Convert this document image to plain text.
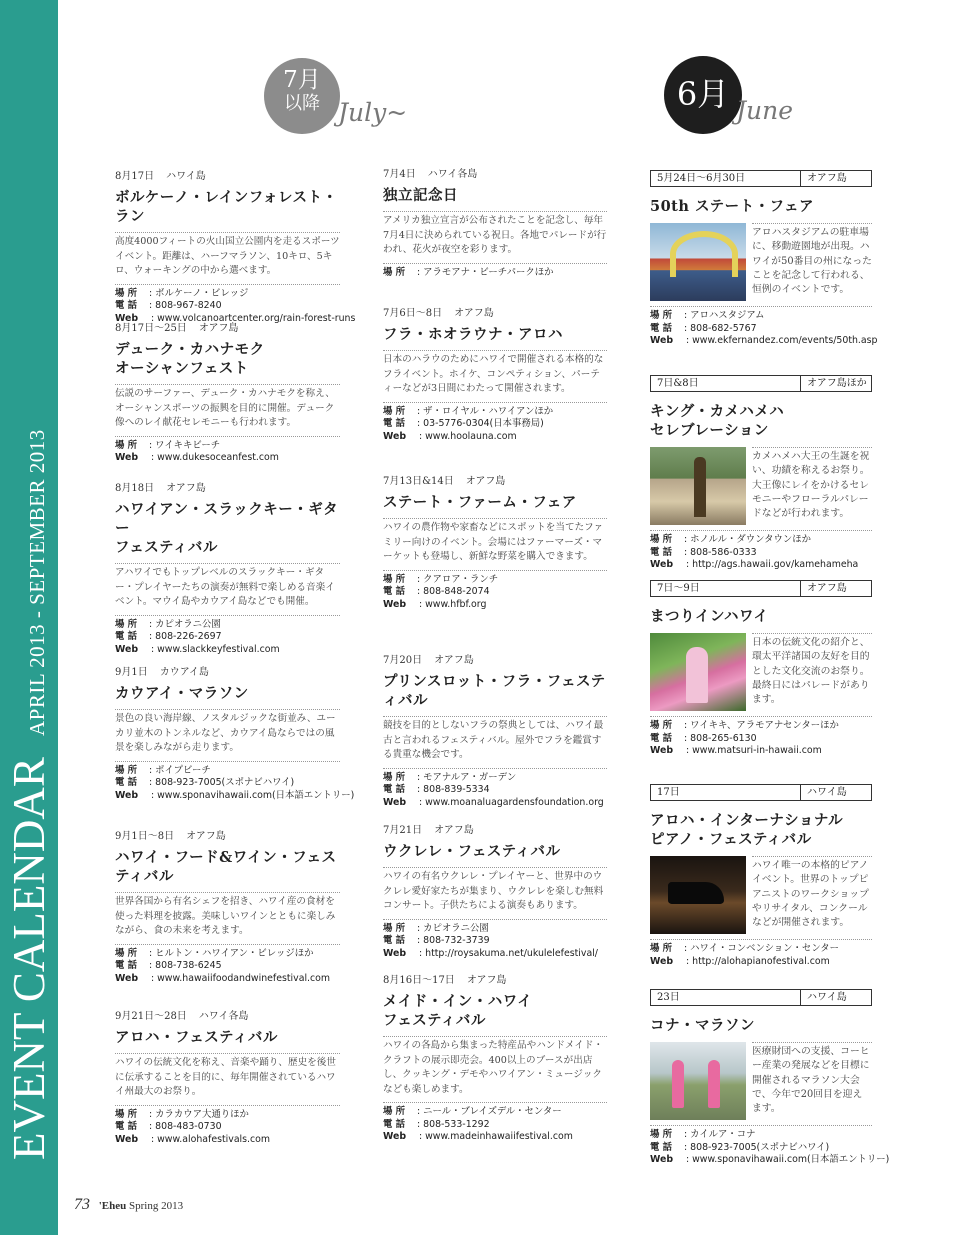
EVENT CALENDAR APRIL 2013 - SEPTEMBER 2013
7月
以降 July~	6月 June
8月17日 ハワイ島
ボルケーノ・レインフォレスト・ラン
高度4000フィートの火山国立公園内を走るスポーツイベント。距離は、ハーフマラソン、10キロ、5キロ、ウォーキングの中から選べます。
場 所 : ボルケーノ・ビレッジ
電 話 : 808-967-8240
Web : www.volcanoartcenter.org/rain-forest-runs
8月17日～25日 オアフ島
デューク・カハナモク
オーシャンフェスト
伝説のサーファー、デューク・カハナモクを称え、オーシャンスポーツの振興を目的に開催。デューク像へのレイ献花セレモニーも行われます。
場 所 : ワイキキビーチ
Web : www.dukesoceanfest.com
8月18日 オアフ島
ハワイアン・スラックキー・ギター
フェスティバル
アハワイでもトップレベルのスラックキー・ギター・プレイヤーたちの演奏が無料で楽しめる音楽イベント。マウイ島やカウアイ島などでも開催。
場 所 : カピオラニ公園
電 話 : 808-226-2697
Web : www.slackkeyfestival.com
9月1日 カウアイ島
カウアイ・マラソン
景色の良い海岸線、ノスタルジックな街並み、ユーカリ並木のトンネルなど、カウアイ島ならではの風景を楽しみながら走ります。
場 所 : ポイプビーチ
電 話 : 808-923-7005(スポナビハワイ)
Web : www.sponavihawaii.com(日本語エントリー)
9月1日～8日 オアフ島
ハワイ・フード&ワイン・フェスティバル
世界各国から有名シェフを招き、ハワイ産の食材を使った料理を披露。美味しいワインとともに楽しみながら、食の未来を考えます。
場 所 : ヒルトン・ハワイアン・ビレッジほか
電 話 : 808-738-6245
Web : www.hawaiifoodandwinefestival.com
9月21日～28日 ハワイ各島
アロハ・フェスティバル
ハワイの伝統文化を称え、音楽や踊り、歴史を後世に伝承することを目的に、毎年開催されているハワイ州最大のお祭り。
場 所 : カラカウア大通りほか
電 話 : 808-483-0730
Web : www.alohafestivals.com
7月4日 ハワイ各島
独立記念日
アメリカ独立宣言が公布されたことを記念し、毎年7月4日に決められている祝日。各地でパレードが行われ、花火が夜空を彩ります。
場 所 : アラモアナ・ビーチパークほか
7月6日～8日 オアフ島
フラ・ホオラウナ・アロハ
日本のハラウのためにハワイで開催される本格的なフライベント。ホイケ、コンペティション、パーティーなどが3日間にわたって開催されます。
場 所 : ザ・ロイヤル・ハワイアンほか
電 話 : 03-5776-0304(日本事務局)
Web : www.hoolauna.com
7月13日&14日 オアフ島
ステート・ファーム・フェア
ハワイの農作物や家畜などにスポットを当てたファミリー向けのイベント。会場にはファーマーズ・マーケットも登場し、新鮮な野菜を購入できます。
場 所 : クアロア・ランチ
電 話 : 808-848-2074
Web : www.hfbf.org
7月20日 オアフ島
プリンスロット・フラ・フェスティバル
競技を目的としないフラの祭典としては、ハワイ最古と言われるフェスティバル。屋外でフラを鑑賞する貴重な機会です。
場 所 : モアナルア・ガーデン
電 話 : 808-839-5334
Web : www.moanaluagardensfoundation.org
7月21日 オアフ島
ウクレレ・フェスティバル
ハワイの有名ウクレレ・プレイヤーと、世界中のウクレレ愛好家たちが集まり、ウクレレを楽しむ無料コンサート。子供たちによる演奏もあります。
場 所 : カピオラニ公園
電 話 : 808-732-3739
Web : http://roysakuma.net/ukulelefestival/
8月16日～17日 オアフ島
メイド・イン・ハワイ
フェスティバル
ハワイの各島から集まった特産品やハンドメイド・クラフトの展示即売会。400以上のブースが出店し、クッキング・デモやハワイアン・ミュージックなども楽しめます。
場 所 : ニール・ブレイズデル・センター
電 話 : 808-533-1292
Web : www.madeinhawaiifestival.com
5月24日～6月30日	オアフ島
50th ステート・フェア
アロハスタジアムの駐車場に、移動遊園地が出現。ハワイが50番目の州になったことを記念して行われる、恒例のイベントです。
場 所 : アロハスタジアム
電 話 : 808-682-5767
Web : www.ekfernandez.com/events/50th.asp
7日&8日	オアフ島ほか
キング・カメハメハ
セレブレーション
カメハメハ大王の生誕を祝い、功績を称えるお祭り。大王像にレイをかけるセレモニーやフローラルパレードなどが行われます。
場 所 : ホノルル・ダウンタウンほか
電 話 : 808-586-0333
Web : http://ags.hawaii.gov/kamehameha
7日～9日	オアフ島
まつりインハワイ
日本の伝統文化の紹介と、環太平洋諸国の友好を目的とした文化交流のお祭り。最終日にはパレードがあります。
場 所 : ワイキキ、アラモアナセンターほか
電 話 : 808-265-6130
Web : www.matsuri-in-hawaii.com
17日	ハワイ島
アロハ・インターナショナル
ピアノ・フェスティバル
ハワイ唯一の本格的ピアノイベント。世界のトップピアニストのワークショップやリサイタル、コンクールなどが開催されます。
場 所 : ハワイ・コンベンション・センター
Web : http://alohapianofestival.com
23日	ハワイ島
コナ・マラソン
医療財団への支援、コーヒー産業の発展などを目標に開催されるマラソン大会で、今年で20回目を迎えます。
場 所 : カイルア・コナ
電 話 : 808-923-7005(スポナビハワイ)
Web : www.sponavihawaii.com(日本語エントリー)
73 'Eheu Spring 2013
